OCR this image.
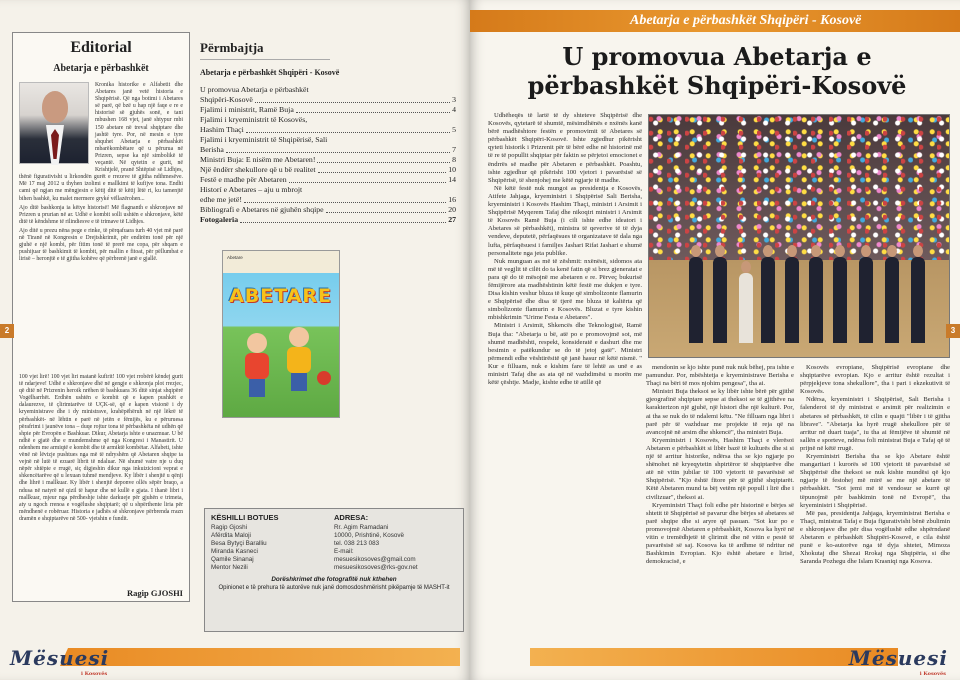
Editorial
Abetarja e përbashkët

Kronika historike e Alfabetit dhe Abetares janë vetë historia e Shqipërisë. Që nga botimi i Abetares së parë, që bzë u hap një faqe e re e historisë së gjuhës sonë, e tani mbushen 168 vjet, janë shtypur mbi 150 abetare në treval shqiptare dhe jashtë tyre. Por, në mesin e tyre shquhet Abetarja e përbashkët mbarëkombëtare që u përurua në Prizren, sepse ka një simbolikë të veçantë. Në qytetin e gurit, në Krishtjelë, pranë Shtëpisë së Lidhjes, thënë figurativisht u lirkondën gurët e rrezeve të gjitha ndihmesëve. Më 17 maj 2012 u thyhen izolimi e mallkimi të kufijve tona. Endhi cami që ngjan me mëngjesin e këtij ditë të këtij lëtë ri, ku tamenjtë bihen bashkë, ku malet mermere gryké vëllazërohen...

Ajo ditë bashkonja ia këtye historisë! Më flagnanth e shkronjave në Prizren u prurian në ar. Udhë e kombit solli ushtën e shkronjave, këtë ditë të këndshme të rilindiesve e të trimave të Lidhjes.

Ajo ditë u prezu nëna pege e rinke, të përqafuara turh 40 vjet më parë në Tiranë në Kongresin e Drejtshkrimit, për endirëm tonë për një gjuhë e një kombi, për fitim tonë të prerë me copa, për shqarn e pushijuar të bashkimit të kombit, për mallin e fitoat, për pëllumbat e lirisë – heronjtë e të gjitha kohëve që përbrenë janë e gjallë.

100 vjet lirë! 100 vjet liri matanë kufirit! 100 vjet rrobërë këndej gurit të ndarjeve! Udhë e shkronjave dhë në gengje e shkronja plot rrezjec, që ditë në Prizrenin heroik nrëhen të bashkuara 36 ditë sinjat shqipërë Vogëlharrhët. Erdhën ushtën e kombit që e kapen pushkët e dalaurezve, të çlirimtarëve të UÇK-së, që e kapen visionë i dy kryeministrave dhe i dy ministrave, krahëpëhëruh në një lëkrë të përbashkët- në lëhtin e parë në jetën e fëmijës, ku e përuruesa përafrimi i jaunëve tona – duqe rojtur tona të përbashkëta në udhën që shpie për Evropën e Bashkuar. Dikur, Abetarja ishte e unazmuar. U bë ndhë e gjatë dhe e mundemshme që nga Kongresi i Manastirit. U ndenhem me armiqtë e kombit dhe të armiktë kombëtar. Alfabeti, ishte vënë në lëvizje pushtues nga më të ndryshëm që Abetaren shqipe ta vejnë në lutë të ezuarë librit të ndaluar. Në shumë vatre nje u duq nëpër shtëpie e rrugë, siç digjeshin dikur nga inkuizicioni veprat e shkencëtarëve që u lexuan tuhmë mendjeve. Ky libër i shenjtë u qënji dhe lihrë i mallkuar. Ky libër i shenjtë deponve ollës sëpër braqo, a ndusa në natyrë në qizil të hapur dhe në kullë e gjata. I thanë libri i mallkuar, mjeur nga përdheshje ishte darkueje për gjuhën e trimeta, aty u ngoch rrenoa e vogëlushe shqiptarë; që u shpërthente liria për mëndhenë e robëruar. Historia e jadhës së shkronjave përbrenda rrazn dramën e shqiptarëve në 500- vjetshin e fundit.
Ragip GJOSHI
Përmbajtja
Abetarja e përbashkët Shqipëri - Kosovë
U promovua Abetarja e përbashkët
Shqipëri-Kosovë	3
Fjalimi i ministrit, Ramë Buja	4
Fjalimi i kryeministrit të Kosovës,
Hashim Thaçi	5
Fjalimi i kryeministrit të Shqipërisë, Sali
Berisha	7
Ministri Buja: E nisëm me Abetaren!	8
Një ëndërr shekullore që u bë realitet	10
Festë e madhe për Abetaren	14
Historí e Abetares – aju u mbrojt
edhe me jetë!	16
Bibliografi e Abetares në gjuhën shqipe	20
Fotogaleria	27
Abetare
ABETARE
KËSHILLI BOTUES
Ragip Gjoshi
Afërdita Maloji
Besa Bytyçi Baralliu
Miranda Kasneci
Qamile Sinanaj
Mentor Nezili
ADRESA:
Rr. Agim Ramadani
10000, Prishtinë, Kosovë
tel. 038 213 083
E-mail:
mesuesikosoves@gmail.com
mesuesikosoves@rks-gov.net
Dorëshkrimet dhe fotografitë nuk kthehen
Opinionet e të prehura të autorëve nuk janë domosdoshmërisht pikëpamje të MASHT-it
2
Mësuesi
i Kosovës
Abetarja e përbashkët Shqipëri - Kosovë
U promovua Abetarja e përbashkët Shqipëri-Kosovë

Udhëheqës të lartë të dy shteteve Shqipërisë dhe Kosovës, qytetarë të shumtë, mësimdhënës e nxënës kanë bërë madhështore festën e promovimit të Abetares së përbashkët Shqipëri-Kosovë. Ishte zgjedhur pikërisht qyteti historik i Prizrenit për të bërë edhe në historinë më të re të popullit shqiptar për faktin se përjetoi emocionet e ëndrrës së madhe për Abetaren e përbashkët. Poashtu, ishte zgjedhur që pikërisht 100 vjetori i pavarësisë së Shqipërisë, të shenjohej me këtë ngjarje të madhe.

Në këtë festë nuk mungoi as presidentja e Kosovës, Atifete Jahjaga, kryeministri i Shqipërisë Sali Berisha, kryeministri i Kosovës Hashim Thaçi, ministri i Arsimit i Shqipërisë Myqerem Tafaj dhe nikoqiri ministri i Arsimit të Kosovës Ramë Buja (i cili ishte edhe ideatori i Abetares së përbashkët), ministra të qeverive të të dyja vendeve, deputetë, përfaqësues të organizatave të dala nga lufta, përfaqësuesi i familjes Jashari Rifat Jashari e shumë personalitete nga jeta publike.

Nuk munguan as më të zëshmit: nxënësit, sidomos ata më të vegjlit të cilët do ta kenë fatin që si brez gjeneratat e para që do të mësojnë me abetaren e re. Përveç bukurisë fëmijërore ata madhështinin këtë festë me dukjen e tyre. Disa kishin veshur bluza të kuqe që simbolizonte flamurin e Shqipërisë dhe disa të tjerë me bluza të kaltërta që simbolizonte flamurin e Kosovës. Bluzat e tyre kishin mbishkrimin "Urime Festa e Abetares".

Ministri i Arsimit, Shkencës dhe Teknologjisë, Ramë Buja tha: "Abetarja u bë, atë po e promovojmë sot, më shumë madhështi, respekt, konsideratë e dashuri dhe me besimin e patëkundur se do të jetoj gatë". Ministri përmendi edhe vështirësitë që janë hasur në këtë nismë. " Kur e filluam, nuk e kishim fare të lehtë as unë e as ministri Tafaj dhe as ata që në vazhdimësi u morën me këtë çështje. Madje, kishte edhe të atillë që

mendonin se kjo ishte punë nuk nuk bëhej, pra ishte e pamundur. Por, mbështetja e kryeministrave Berisha e Thaçi na bëri të mos njohim pengesa", tha ai.

Ministri Buja theksoi se ky libër ishte bërë për gjithë gjeografinë shqiptare sepse ai theksoi se të gjithëve na karakterizon një gjuhë, një histori dhe një kulturë. Por, ai tha se nuk do të ndalemi këtu. "Ne filluam nga libri i parë për të vazhduar me projekte të reja që na avancojnë në arsim dhe shkencë", tha ministri Buja.

Kryeministri i Kosovës, Hashim Thaçi e vlerësoi Abetaren e përbashkët si libër bazë të kulturës dhe si si një të arritur historike, ndërsa tha se kjo ngjarje po shënohet në kryeqytetin shpirtëror të shqiptarëve dhe atë në vitin jubilar të 100 vjetorit të pavarësisë së Shqipërisë. "Kjo është fitore për të gjithë shqiptarët. Këtë Abetaren mund ta bëj vetëm një popull i lirë dhe i civilizuar", theksoi ai.

Kryeministri Thaçi foli edhe për historinë e bërjes së shtetit të Shqipërisë së pavarur dhe bërjes së abetares së parë shqipe dhe si aryre që pasuan. "Sot kur po e promovojmë Abetaren e përbashkët, Kosova ka hyrë në vitin e tremëdhjetë të çlirimit dhe në vitin e pestë të pavarësisë së saj. Kosova ka të ardhme të ndritur në Bashkimin Evropian. Kjo është abetare e lirisë, demokracisë, e

Kosovës evropiane, Shqipërisë evropiane dhe shqiptarëve evropian. Kjo e arritur është rezultat i përpjekjeve tona shekullore", tha i pari i ekzekutivit të Kosovës.

Ndërsa, kryeministri i Shqipërisë, Sali Berisha i falenderoi të dy ministrat e arsimit për realizimin e abetares së përbashkët, të cilin e quajti "libër i të gjitha librave". "Abetarja ka hyrë rrugë shekullore për të arritur në duart tuaja", iu tha ai fëmijëve të shumtë në sallën e sporteve, ndërsa foli ministrat Buja e Tafaj që të prijnë në këtë rrugë.

Kryeministri Berisha tha se kjo Abetare është mangaritari i kurorës së 100 vjetorit të pavarësisë së Shqipërisë dhe theksoi se nuk kishte mundësi që kjo ngjarje të festohej më mirë se me një abetare të përbashkët. "Sot jemi më të vendosur se kurrë që tëpunojmë për bashkimin tonë në Evropë", tha kryeministri i Shqipërisë.

Më pas, presidentja Jahjaga, kryeministrat Berisha e Thaçi, ministrat Tafaj e Buja figurativisht bënë zbulimin e shkronjave dhe për disa vogëlushë edhe shpërndanë Abetaren e përbashkët Shqipëri-Kosovë, e cila është punë e ko-autorëve nga të dyja shtetet, Mimoza Xhokutaj dhe Shezai Rrokaj nga Shqipëria, si dhe Saranda Pozhegu dhe Islam Krasniqi nga Kosova.

3
Mësuesi
i Kosovës
